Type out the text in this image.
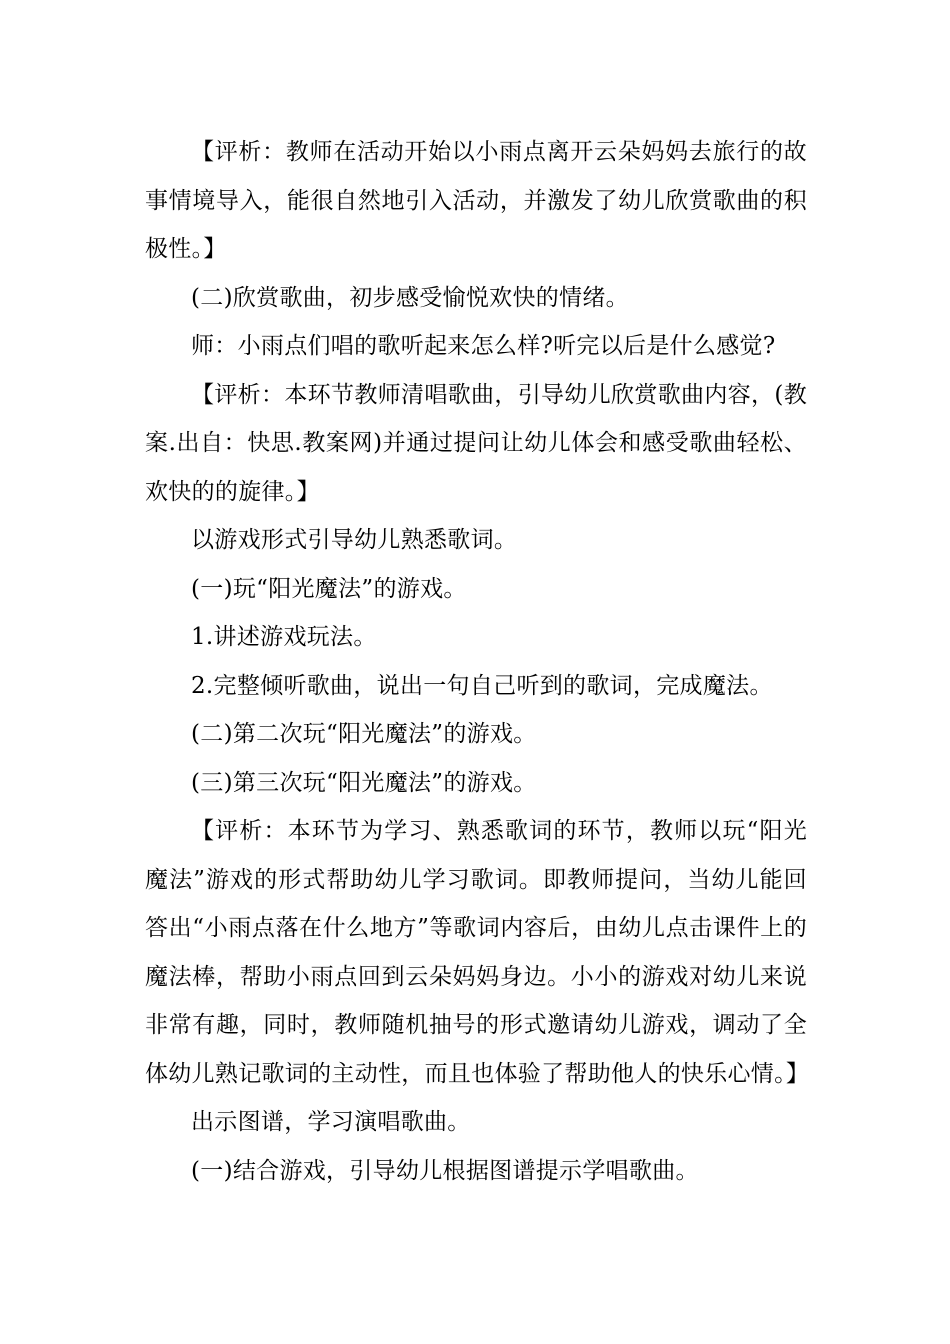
【评析：教师在活动开始以小雨点离开云朵妈妈去旅行的故事情境导入，能很自然地引入活动，并激发了幼儿欣赏歌曲的积极性。】

(二)欣赏歌曲，初步感受愉悦欢快的情绪。

师：小雨点们唱的歌听起来怎么样?听完以后是什么感觉?

【评析：本环节教师清唱歌曲，引导幼儿欣赏歌曲内容，(教案.出自：快思.教案网)并通过提问让幼儿体会和感受歌曲轻松、欢快的的旋律。】

以游戏形式引导幼儿熟悉歌词。

(一)玩“阳光魔法”的游戏。

1.讲述游戏玩法。

2.完整倾听歌曲，说出一句自己听到的歌词，完成魔法。

(二)第二次玩“阳光魔法”的游戏。

(三)第三次玩“阳光魔法”的游戏。

【评析：本环节为学习、熟悉歌词的环节，教师以玩“阳光魔法”游戏的形式帮助幼儿学习歌词。即教师提问，当幼儿能回答出“小雨点落在什么地方”等歌词内容后，由幼儿点击课件上的魔法棒，帮助小雨点回到云朵妈妈身边。小小的游戏对幼儿来说非常有趣，同时，教师随机抽号的形式邀请幼儿游戏，调动了全体幼儿熟记歌词的主动性，而且也体验了帮助他人的快乐心情。】

出示图谱，学习演唱歌曲。

(一)结合游戏，引导幼儿根据图谱提示学唱歌曲。
